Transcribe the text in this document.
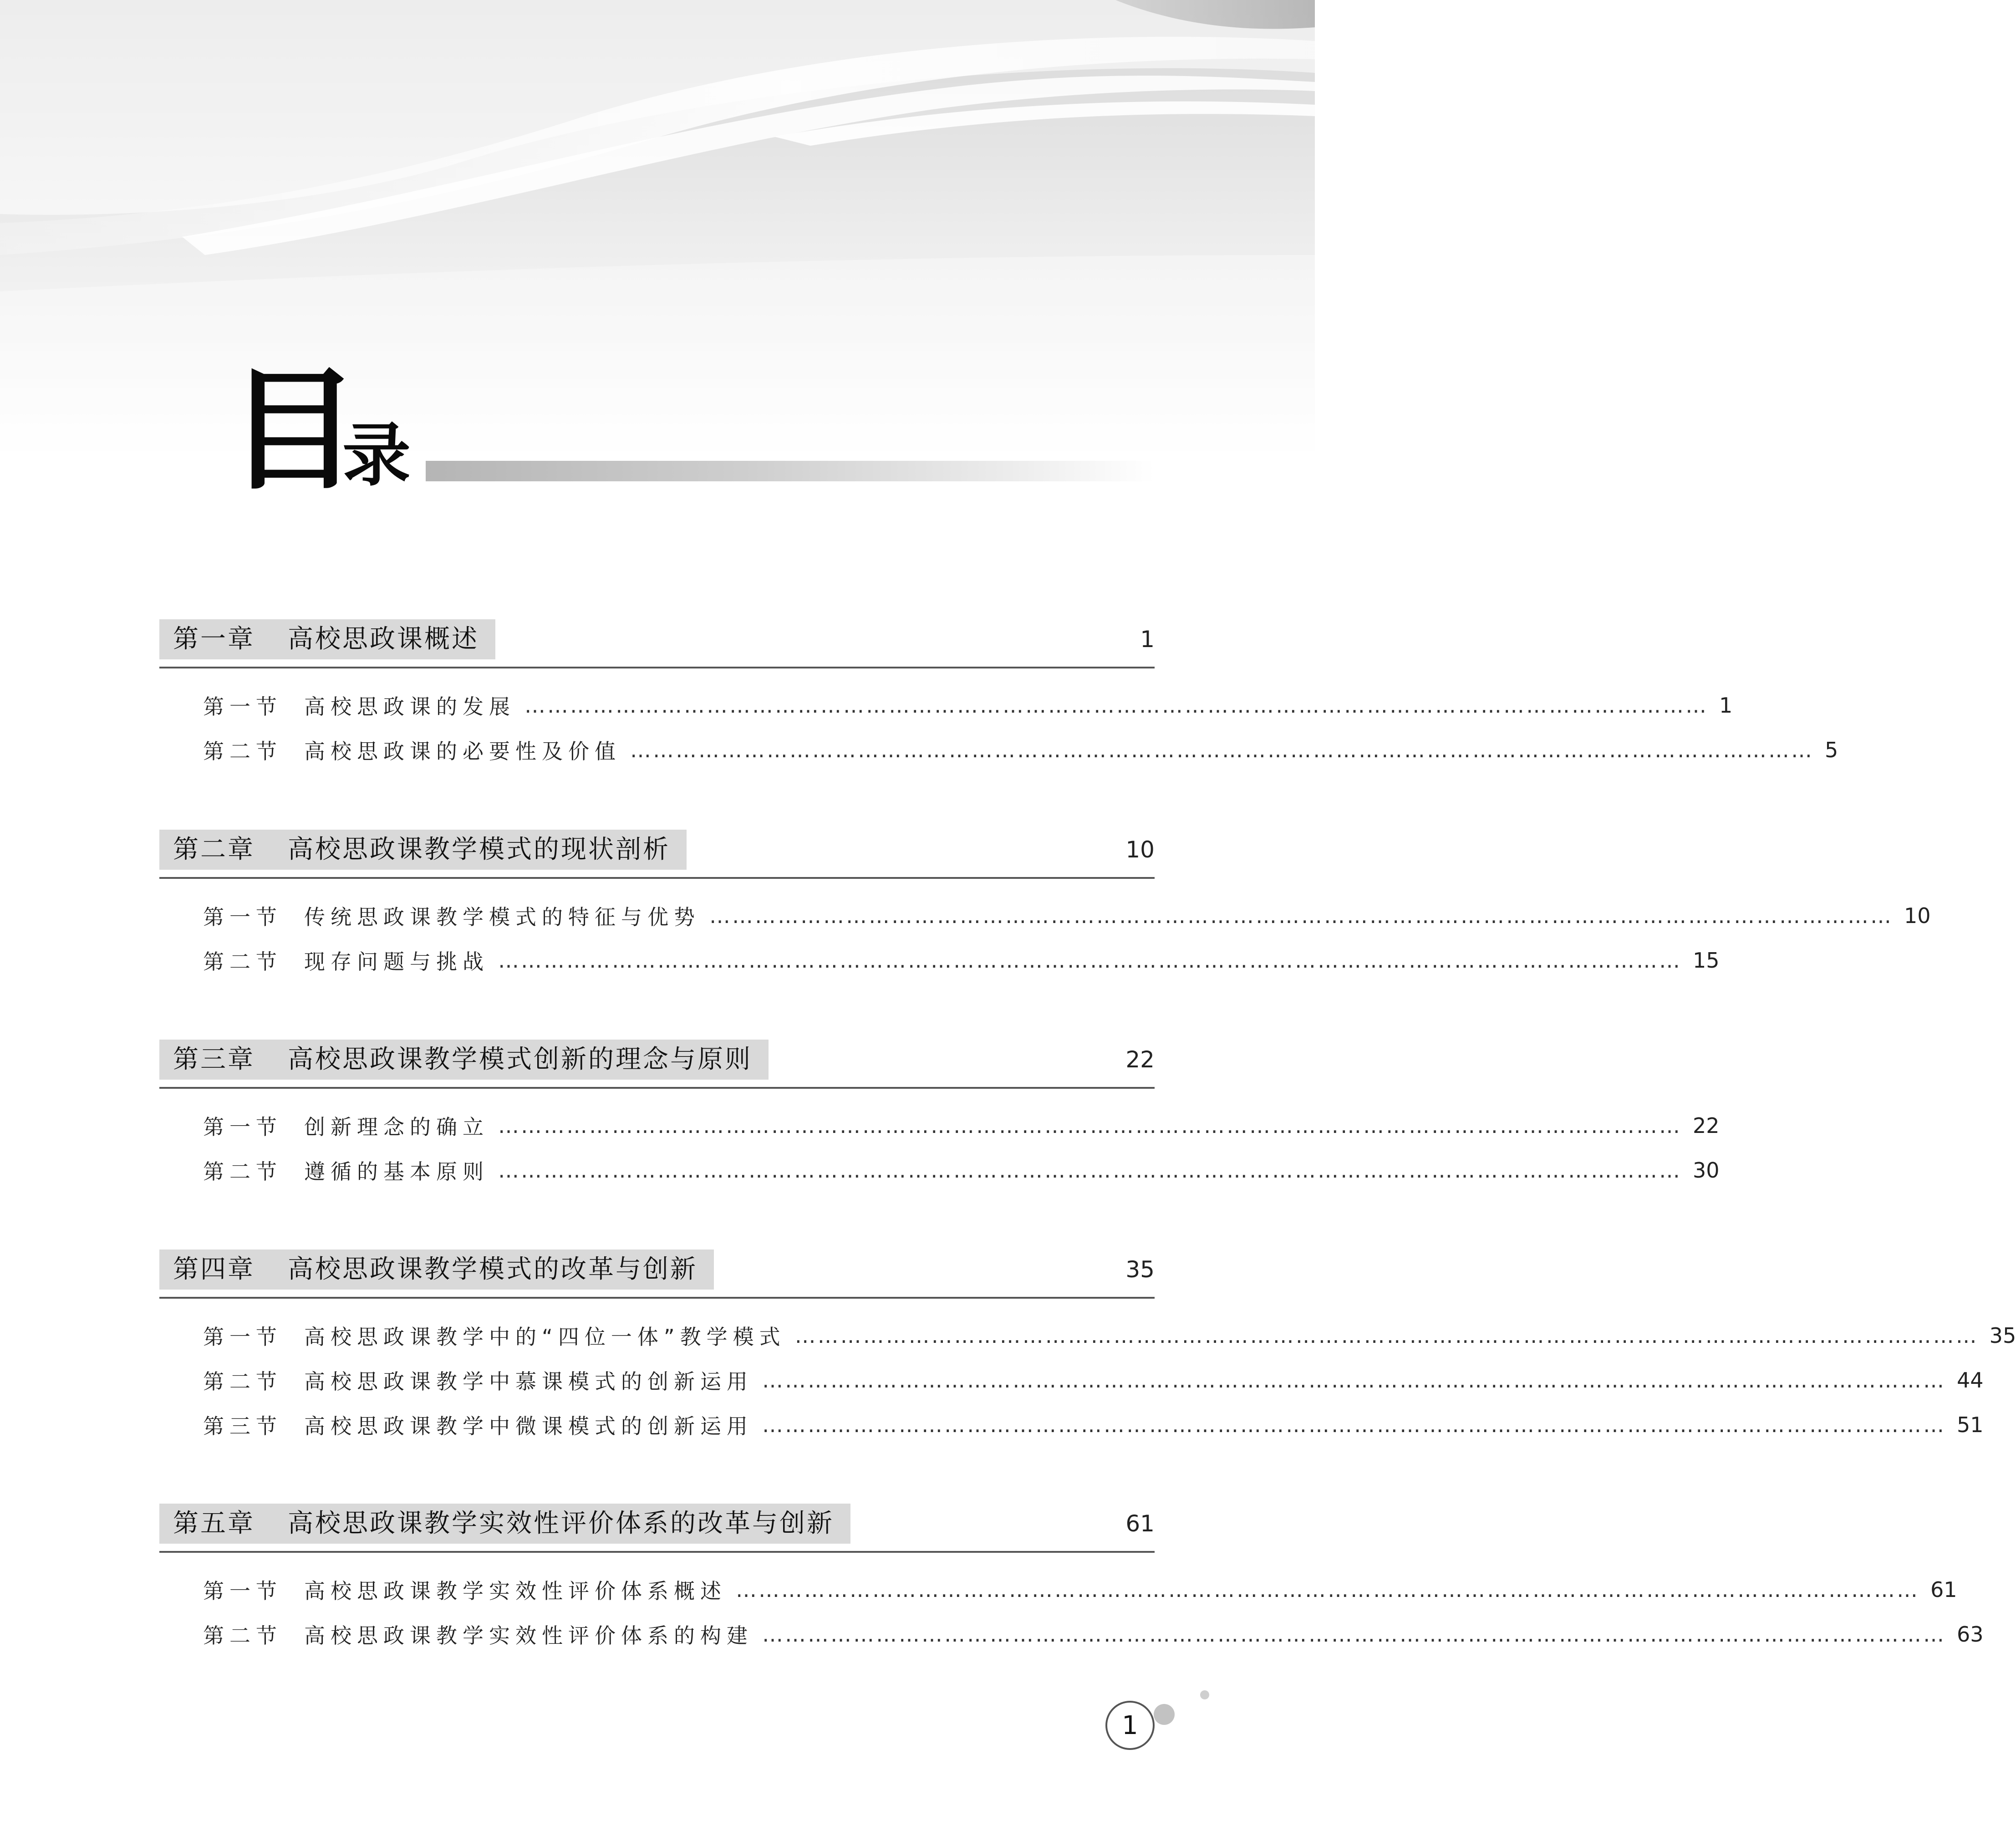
目
录
第一章 高校思政课概述	1
第一节	高校思政课的发展 ………………………………………………………………………………………………………………………………………… 1
第二节	高校思政课的必要性及价值 ………………………………………………………………………………………………………………………………………… 5
第二章 高校思政课教学模式的现状剖析	10
第一节	传统思政课教学模式的特征与优势 ………………………………………………………………………………………………………………………………………… 10
第二节	现存问题与挑战 ………………………………………………………………………………………………………………………………………… 15
第三章 高校思政课教学模式创新的理念与原则	22
第一节	创新理念的确立 ………………………………………………………………………………………………………………………………………… 22
第二节	遵循的基本原则 ………………………………………………………………………………………………………………………………………… 30
第四章 高校思政课教学模式的改革与创新	35
第一节	高校思政课教学中的“四位一体”教学模式 ………………………………………………………………………………………………………………………………………… 35
第二节	高校思政课教学中慕课模式的创新运用 ………………………………………………………………………………………………………………………………………… 44
第三节	高校思政课教学中微课模式的创新运用 ………………………………………………………………………………………………………………………………………… 51
第五章 高校思政课教学实效性评价体系的改革与创新	61
第一节	高校思政课教学实效性评价体系概述 ………………………………………………………………………………………………………………………………………… 61
第二节	高校思政课教学实效性评价体系的构建 ………………………………………………………………………………………………………………………………………… 63
1
